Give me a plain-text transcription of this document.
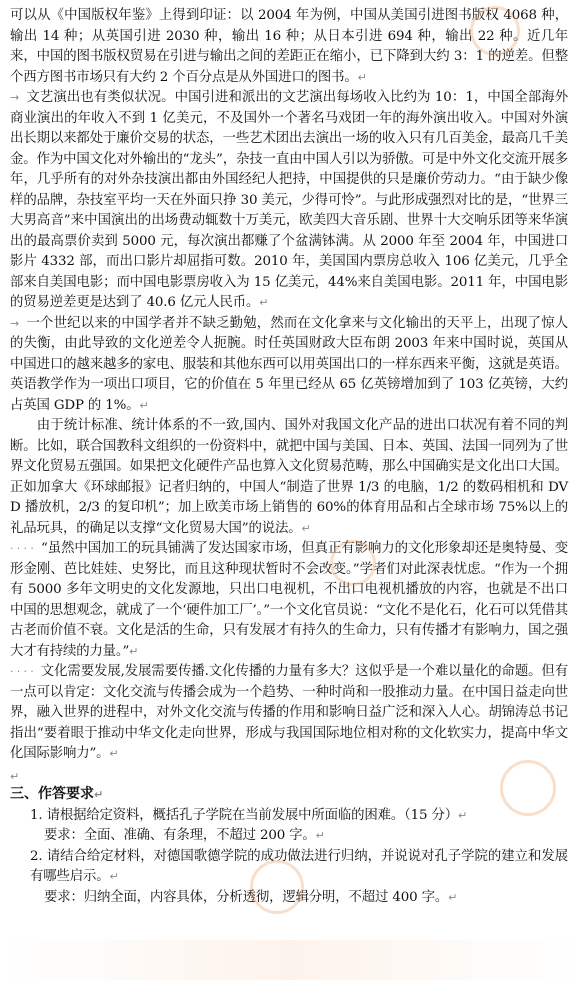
可以从《中国版权年鉴》上得到印证：以 2004 年为例，中国从美国引进图书版权 4068 种，输出 14 种；从英国引进 2030 种，输出 16 种；从日本引进 694 种，输出 22 种。近几年来，中国的图书版权贸易在引进与输出之间的差距正在缩小，已下降到大约 3：1 的逆差。但整个西方图书市场只有大约 2 个百分点是从外国进口的图书。↵

→ 文艺演出也有类似状况。中国引进和派出的文艺演出每场收入比约为 10：1，中国全部海外商业演出的年收入不到 1 亿美元，不及国外一个著名马戏团一年的海外演出收入。中国对外演出长期以来都处于廉价交易的状态，一些艺术团出去演出一场的收入只有几百美金，最高几千美金。作为中国文化对外输出的“龙头”，杂技一直由中国人引以为骄傲。可是中外文化交流开展多年，几乎所有的对外杂技演出都由外国经纪人把持，中国提供的只是廉价劳动力。“由于缺少像样的品牌，杂技室平均一天在外面只挣 30 美元，少得可怜”。与此形成强烈对比的是，“世界三大男高音”来中国演出的出场费动辄数十万美元，欧美四大音乐剧、世界十大交响乐团等来华演出的最高票价卖到 5000 元，每次演出都赚了个盆满钵满。从 2000 年至 2004 年，中国进口影片 4332 部，而出口影片却屈指可数。2010 年，美国国内票房总收入 106 亿美元，几乎全部来自美国电影；而中国电影票房收入为 15 亿美元，44%来自美国电影。2011 年，中国电影的贸易逆差更是达到了 40.6 亿元人民币。↵

→ 一个世纪以来的中国学者并不缺乏勤勉，然而在文化拿来与文化输出的天平上，出现了惊人的失衡，由此导致的文化逆差令人扼腕。时任英国财政大臣布朗 2003 年来中国时说，英国从中国进口的越来越多的家电、服装和其他东西可以用英国出口的一样东西来平衡，这就是英语。英语教学作为一项出口项目，它的价值在 5 年里已经从 65 亿英镑增加到了 103 亿英镑，大约占英国 GDP 的 1%。↵

由于统计标准、统计体系的不一致,国内、国外对我国文化产品的进出口状况有着不同的判断。比如，联合国教科文组织的一份资料中，就把中国与美国、日本、英国、法国一同列为了世界文化贸易五强国。如果把文化硬件产品也算入文化贸易范畴，那么中国确实是文化出口大国。正如加拿大《环球邮报》记者归纳的，中国人“制造了世界 1/3 的电脑，1/2 的数码相机和 DVD 播放机，2/3 的复印机”；加上欧美市场上销售的 60%的体育用品和占全球市场 75%以上的礼品玩具，的确足以支撑“文化贸易大国”的说法。↵

· · · · “虽然中国加工的玩具铺满了发达国家市场，但真正有影响力的文化形象却还是奥特曼、变形金刚、芭比娃娃、史努比，而且这种现状暂时不会改变。”学者们对此深表忧虑。“作为一个拥有 5000 多年文明史的文化发源地，只出口电视机，不出口电视机播放的内容，也就是不出口中国的思想观念，就成了一个‘硬件加工厂’。”一个文化官员说：“文化不是化石，化石可以凭借其古老而价值不衰。文化是活的生命，只有发展才有持久的生命力，只有传播才有影响力，国之强大才有持续的力量。”↵

· · · · 文化需要发展,发展需要传播.文化传播的力量有多大？这似乎是一个难以量化的命题。但有一点可以肯定：文化交流与传播会成为一个趋势、一种时尚和一股推动力量。在中国日益走向世界，融入世界的进程中，对外文化交流与传播的作用和影响日益广泛和深入人心。胡锦涛总书记指出“要着眼于推动中华文化走向世界，形成与我国国际地位相对称的文化软实力，提高中华文化国际影响力”。↵

↵

三、作答要求↵

1. 请根据给定资料，概括孔子学院在当前发展中所面临的困难。（15 分）↵

要求：全面、准确、有条理，不超过 200 字。↵

2. 请结合给定材料，对德国歌德学院的成功做法进行归纳，并说说对孔子学院的建立和发展有哪些启示。↵

要求：归纳全面，内容具体，分析透彻，逻辑分明，不超过 400 字。↵
